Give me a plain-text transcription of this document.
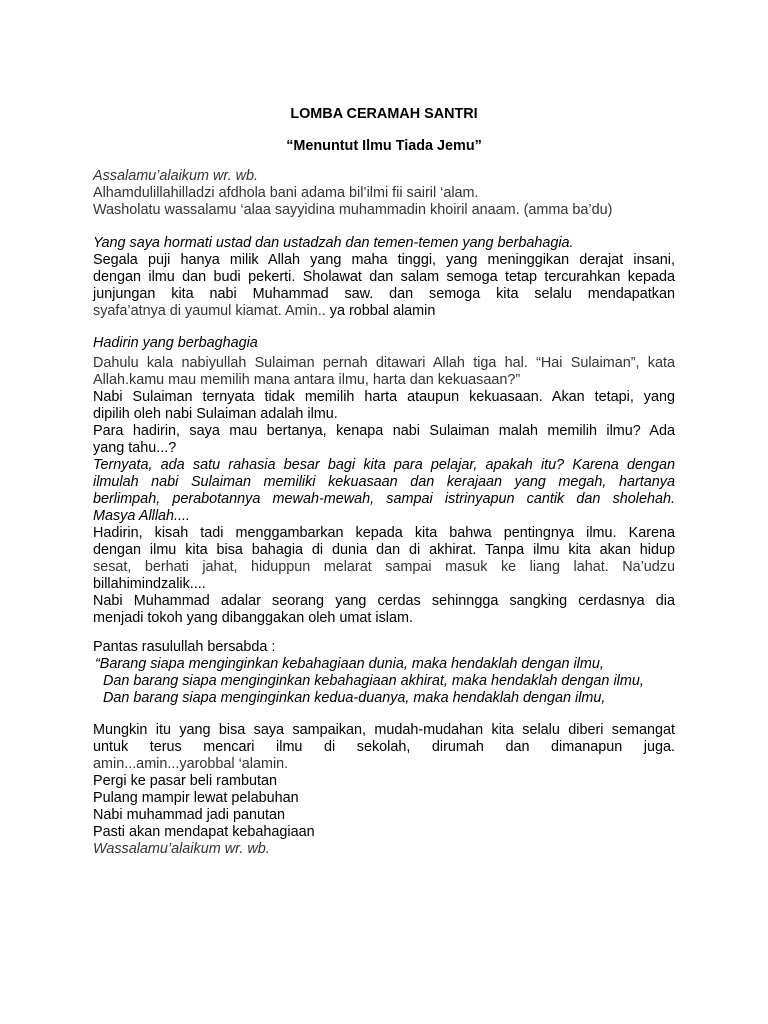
LOMBA CERAMAH SANTRI
“Menuntut Ilmu Tiada Jemu”
Assalamu’alaikum wr. wb.
Alhamdulillahilladzi afdhola bani adama bil’ilmi fii sairil ‘alam.
Washolatu wassalamu ‘alaa sayyidina muhammadin khoiril anaam. (amma ba’du)
Yang saya hormati ustad dan ustadzah dan temen-temen yang berbahagia.
Segala puji hanya milik Allah yang maha tinggi, yang meninggikan derajat insani,
dengan ilmu dan budi pekerti. Sholawat dan salam semoga tetap tercurahkan kepada
junjungan kita nabi Muhammad saw. dan semoga kita selalu mendapatkan
syafa’atnya di yaumul kiamat. Amin.. ya robbal alamin
Hadirin yang berbaghagia
Dahulu kala nabiyullah Sulaiman pernah ditawari Allah tiga hal. “Hai Sulaiman”, kata
Allah.kamu mau memilih mana antara ilmu, harta dan kekuasaan?”
Nabi Sulaiman ternyata tidak memilih harta ataupun kekuasaan. Akan tetapi, yang
dipilih oleh nabi Sulaiman adalah ilmu.
Para hadirin, saya mau bertanya, kenapa nabi Sulaiman malah memilih ilmu? Ada
yang tahu...?
Ternyata, ada satu rahasia besar bagi kita para pelajar, apakah itu? Karena dengan
ilmulah nabi Sulaiman memiliki kekuasaan dan kerajaan yang megah, hartanya
berlimpah, perabotannya mewah-mewah, sampai istrinyapun cantik dan sholehah.
Masya Alllah....
Hadirin, kisah tadi menggambarkan kepada kita bahwa pentingnya ilmu. Karena
dengan ilmu kita bisa bahagia di dunia dan di akhirat. Tanpa ilmu kita akan hidup
sesat, berhati jahat, hiduppun melarat sampai masuk ke liang lahat. Na’udzu
billahimindzalik....
Nabi Muhammad adalar seorang yang cerdas sehinngga sangking cerdasnya dia
menjadi tokoh yang dibanggakan oleh umat islam.
Pantas rasulullah bersabda :
“Barang siapa menginginkan kebahagiaan dunia, maka hendaklah dengan ilmu,
Dan barang siapa menginginkan kebahagiaan akhirat, maka hendaklah dengan ilmu,
Dan barang siapa menginginkan kedua-duanya, maka hendaklah dengan ilmu,
Mungkin itu yang bisa saya sampaikan, mudah-mudahan kita selalu diberi semangat
untuk terus mencari ilmu di sekolah, dirumah dan dimanapun juga.
amin...amin...yarobbal ‘alamin.
Pergi ke pasar beli rambutan
Pulang mampir lewat pelabuhan
Nabi muhammad jadi panutan
Pasti akan mendapat kebahagiaan
Wassalamu’alaikum wr. wb.
